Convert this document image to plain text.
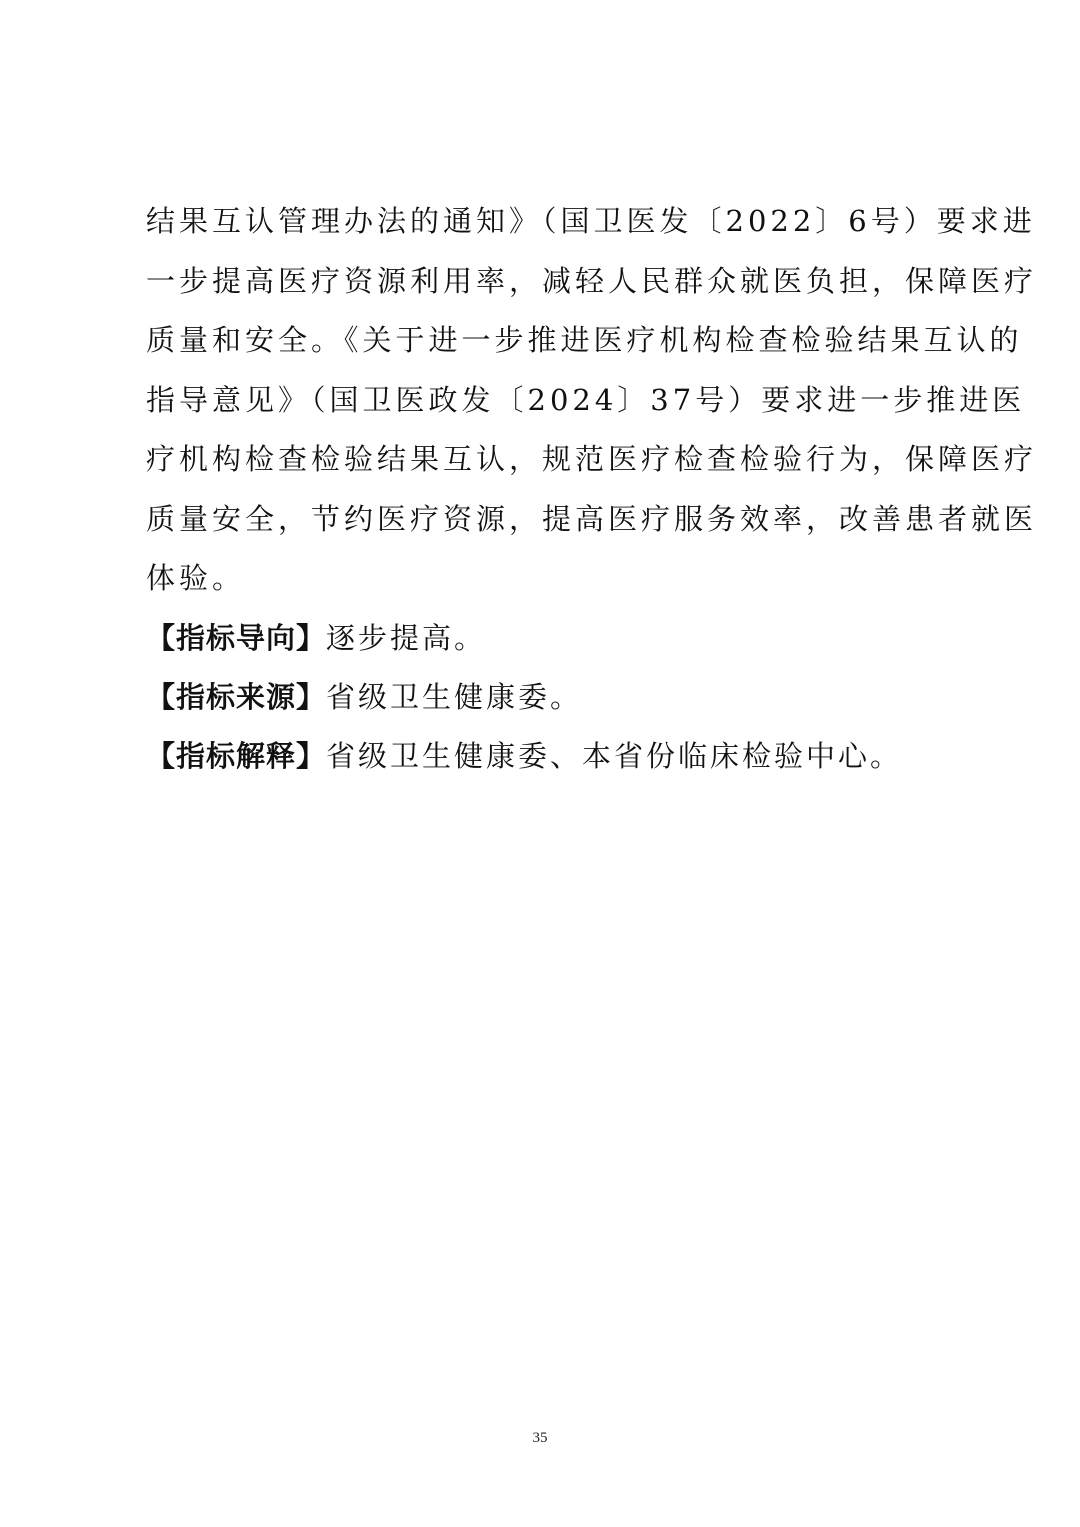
结果互认管理办法的通知》（国卫医发〔2022〕6号）要求进
一步提高医疗资源利用率，减轻人民群众就医负担，保障医疗
质量和安全。《关于进一步推进医疗机构检查检验结果互认的
指导意见》（国卫医政发〔2024〕37号）要求进一步推进医
疗机构检查检验结果互认，规范医疗检查检验行为，保障医疗
质量安全，节约医疗资源，提高医疗服务效率，改善患者就医
体验。
【指标导向】逐步提高。
【指标来源】省级卫生健康委。
【指标解释】省级卫生健康委、本省份临床检验中心。
35
